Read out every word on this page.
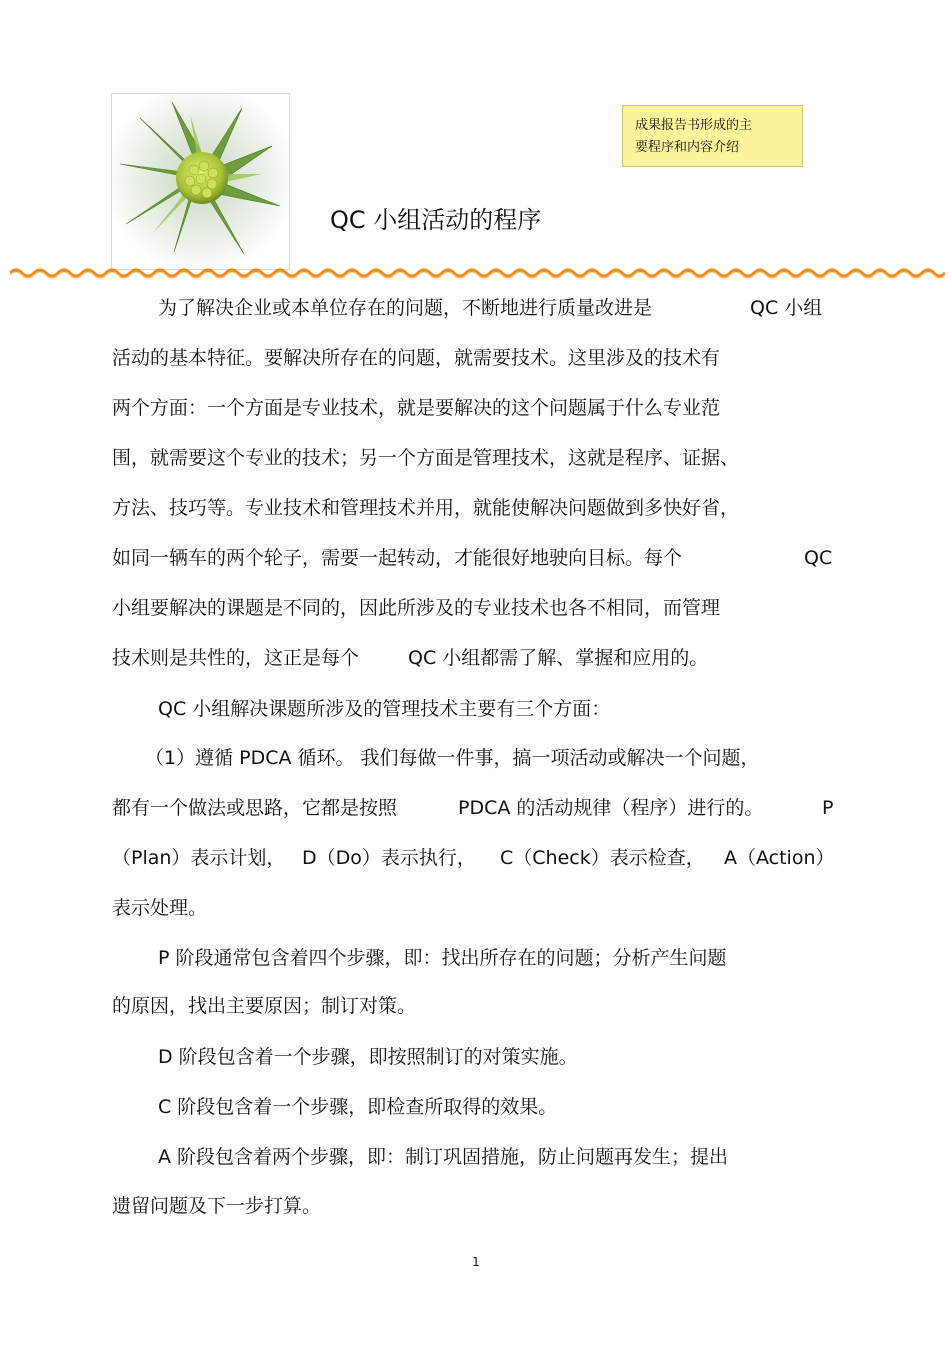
成果报告书形成的主
要程序和内容介绍
QC 小组活动的程序
为了解决企业或本单位存在的问题，不断地进行质量改进是	QC 小组
活动的基本特征。要解决所存在的问题，就需要技术。这里涉及的技术有
两个方面：一个方面是专业技术，就是要解决的这个问题属于什么专业范
围，就需要这个专业的技术；另一个方面是管理技术，这就是程序、证据、
方法、技巧等。专业技术和管理技术并用，就能使解决问题做到多快好省，
如同一辆车的两个轮子，需要一起转动，才能很好地驶向目标。每个	QC
小组要解决的课题是不同的，因此所涉及的专业技术也各不相同，而管理
技术则是共性的，这正是每个	QC 小组都需了解、掌握和应用的。
QC 小组解决课题所涉及的管理技术主要有三个方面：
（1）遵循 PDCA 循环。 我们每做一件事，搞一项活动或解决一个问题，
都有一个做法或思路，它都是按照	PDCA 的活动规律（程序）进行的。	P
（Plan）表示计划， D（Do）表示执行， C（Check）表示检查， A（Action）
表示处理。
P 阶段通常包含着四个步骤，即：找出所存在的问题；分析产生问题
的原因，找出主要原因；制订对策。
D 阶段包含着一个步骤，即按照制订的对策实施。
C 阶段包含着一个步骤，即检查所取得的效果。
A 阶段包含着两个步骤，即：制订巩固措施，防止问题再发生；提出
遗留问题及下一步打算。
1
